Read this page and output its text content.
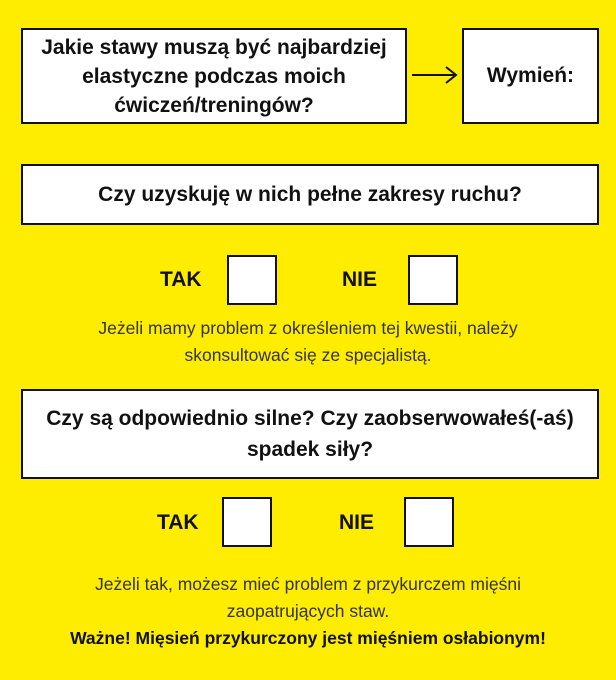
Jakie stawy muszą być najbardziej elastyczne podczas moich ćwiczeń/treningów?
Wymień:
Czy uzyskuję w nich pełne zakresy ruchu?
TAK	NIE
Jeżeli mamy problem z określeniem tej kwestii, należy skonsultować się ze specjalistą.
Czy są odpowiednio silne? Czy zaobserwowałeś(-aś) spadek siły?
TAK	NIE
Jeżeli tak, możesz mieć problem z przykurczem mięśni zaopatrujących staw.
Ważne! Mięsień przykurczony jest mięśniem osłabionym!
